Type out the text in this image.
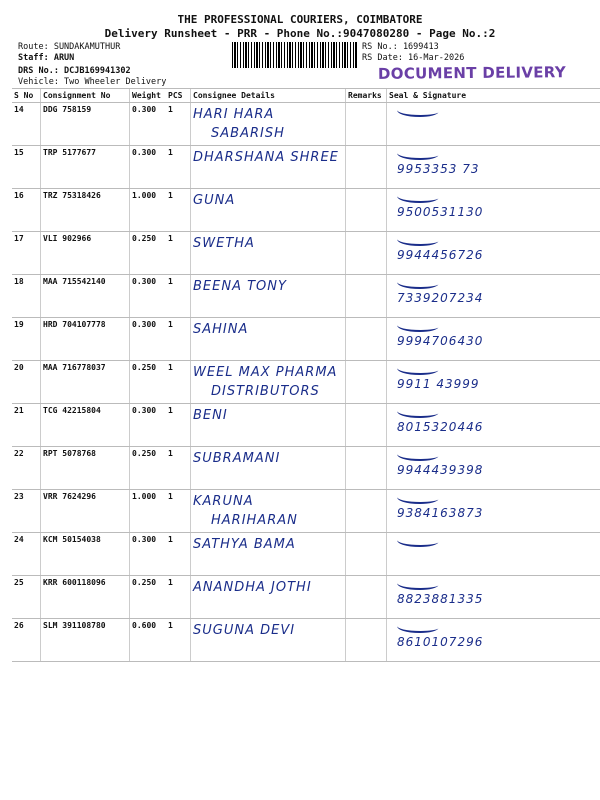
THE PROFESSIONAL COURIERS, COIMBATORE
Delivery Runsheet - PRR - Phone No.:9047080280 - Page No.:2
Route: SUNDAKAMUTHUR
Staff: ARUN
DRS No.: DCJB169941302
Vehicle: Two Wheeler Delivery
RS No.: 1699413
RS Date: 16-Mar-2026
DOCUMENT DELIVERY
S No	Consignment No	Weight	PCS	Consignee Details	Remarks	Seal & Signature
14	DDG 758159	0.300	1	HARI HARA
SABARISH		

15	TRP 5177677	0.300	1	DHARSHANA SHREE		9953353 73
16	TRZ 75318426	1.000	1	GUNA		9500531130
17	VLI 902966	0.250	1	SWETHA		9944456726
18	MAA 715542140	0.300	1	BEENA TONY		7339207234
19	HRD 704107778	0.300	1	SAHINA		9994706430
20	MAA 716778037	0.250	1	WEEL MAX PHARMA
DISTRIBUTORS		9911 43999
21	TCG 42215804	0.300	1	BENI		8015320446
22	RPT 5078768	0.250	1	SUBRAMANI		9944439398
23	VRR 7624296	1.000	1	KARUNA
HARIHARAN		9384163873
24	KCM 50154038	0.300	1	SATHYA BAMA		

25	KRR 600118096	0.250	1	ANANDHA JOTHI		8823881335
26	SLM 391108780	0.600	1	SUGUNA DEVI		8610107296
